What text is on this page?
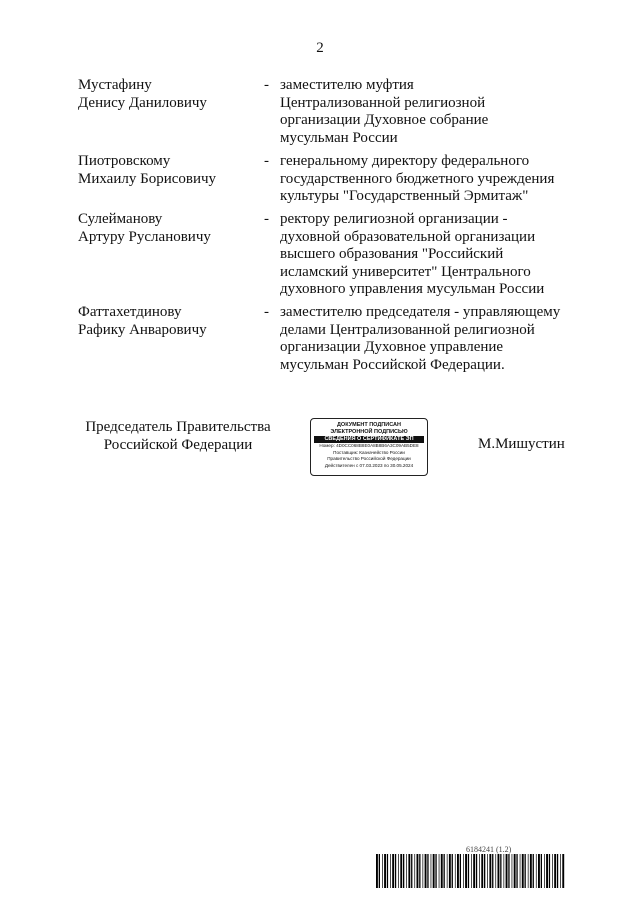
2
Мустафину
Денису Даниловичу
- заместителю муфтия
Централизованной религиозной
организации Духовное собрание
мусульман России
Пиотровскому
Михаилу Борисовичу
- генеральному директору федерального
государственного бюджетного учреждения
культуры "Государственный Эрмитаж"
Сулейманову
Артуру Руслановичу
- ректору религиозной организации -
духовной образовательной организации
высшего образования "Российский
исламский университет" Центрального
духовного управления мусульман России
Фаттахетдинову
Рафику Анваровичу
- заместителю председателя - управляющему
делами Централизованной религиозной
организации Духовное управление
мусульман Российской Федерации.
Председатель Правительства
Российской Федерации
ДОКУМЕНТ ПОДПИСАН
ЭЛЕКТРОННОЙ ПОДПИСЬЮ
СВЕДЕНИЯ О СЕРТИФИКАТЕ ЭП
Номер: 4D0CC068B8E0A8B8B6A3C09AB5DE8
Поставщик: Казначейство России
Правительство Российской Федерации
Действителен с 07.03.2023 по 30.05.2024
М.Мишустин
6184241 (1.2)
